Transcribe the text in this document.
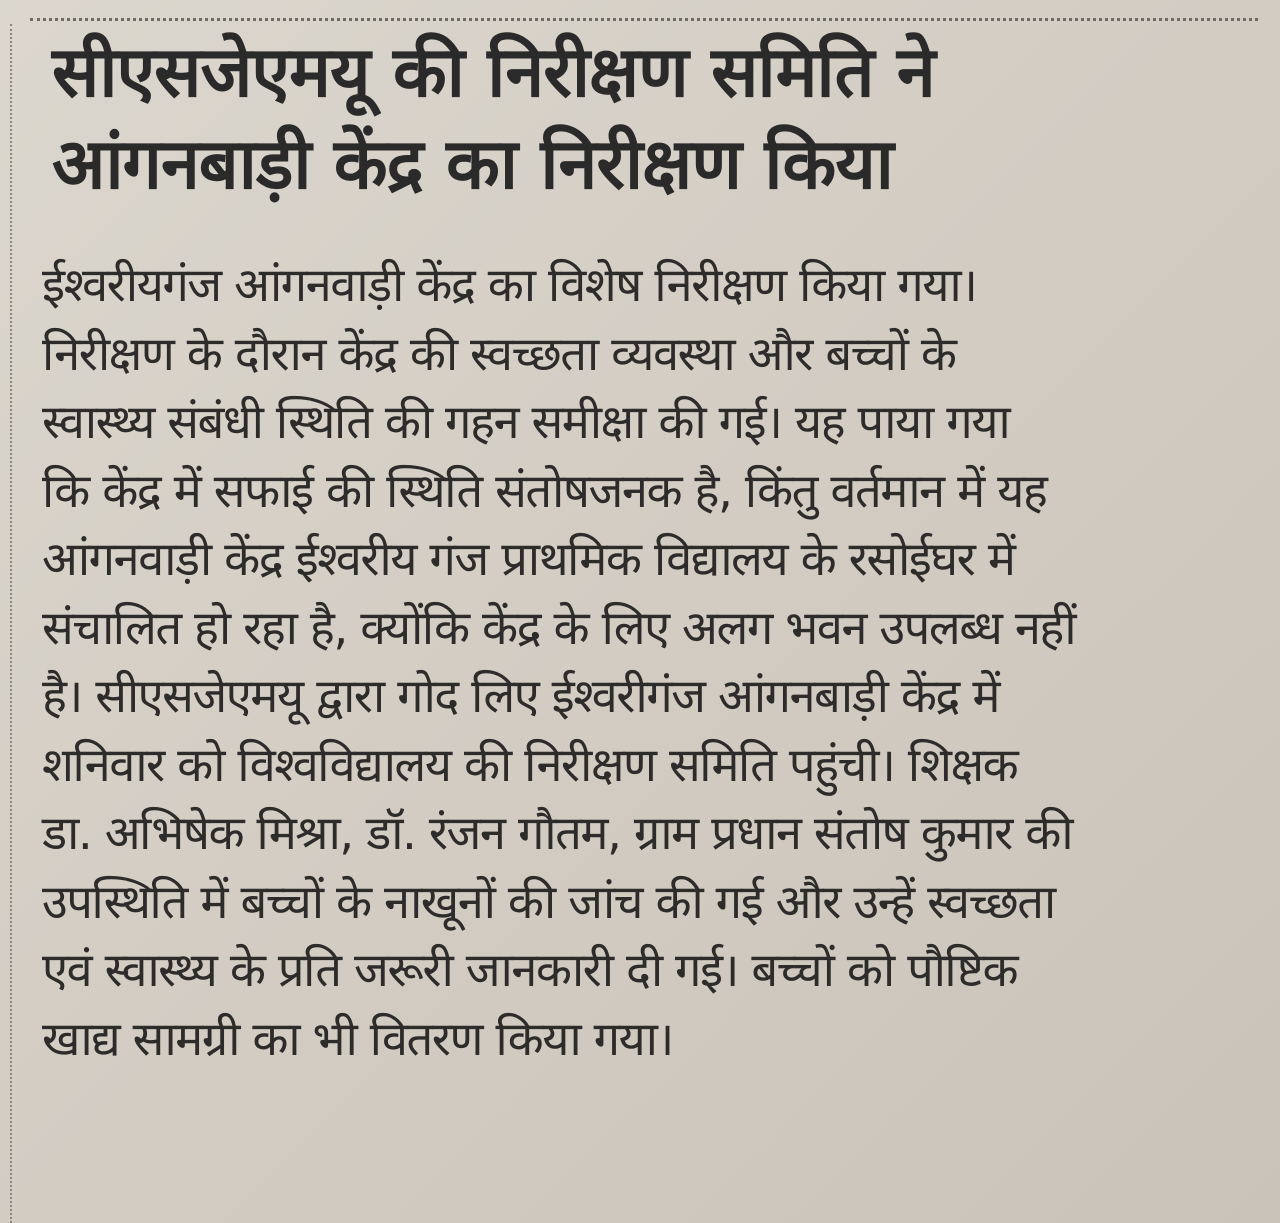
सीएसजेएमयू की निरीक्षण समिति ने
आंगनबाड़ी केंद्र का निरीक्षण किया
ईश्वरीयगंज आंगनवाड़ी केंद्र का विशेष निरीक्षण किया गया।
निरीक्षण के दौरान केंद्र की स्वच्छता व्यवस्था और बच्चों के
स्वास्थ्य संबंधी स्थिति की गहन समीक्षा की गई। यह पाया गया
कि केंद्र में सफाई की स्थिति संतोषजनक है, किंतु वर्तमान में यह
आंगनवाड़ी केंद्र ईश्वरीय गंज प्राथमिक विद्यालय के रसोईघर में
संचालित हो रहा है, क्योंकि केंद्र के लिए अलग भवन उपलब्ध नहीं
है। सीएसजेएमयू द्वारा गोद लिए ईश्वरीगंज आंगनबाड़ी केंद्र में
शनिवार को विश्वविद्यालय की निरीक्षण समिति पहुंची। शिक्षक
डा. अभिषेक मिश्रा, डॉ. रंजन गौतम, ग्राम प्रधान संतोष कुमार की
उपस्थिति में बच्चों के नाखूनों की जांच की गई और उन्हें स्वच्छता
एवं स्वास्थ्य के प्रति जरूरी जानकारी दी गई। बच्चों को पौष्टिक
खाद्य सामग्री का भी वितरण किया गया।
